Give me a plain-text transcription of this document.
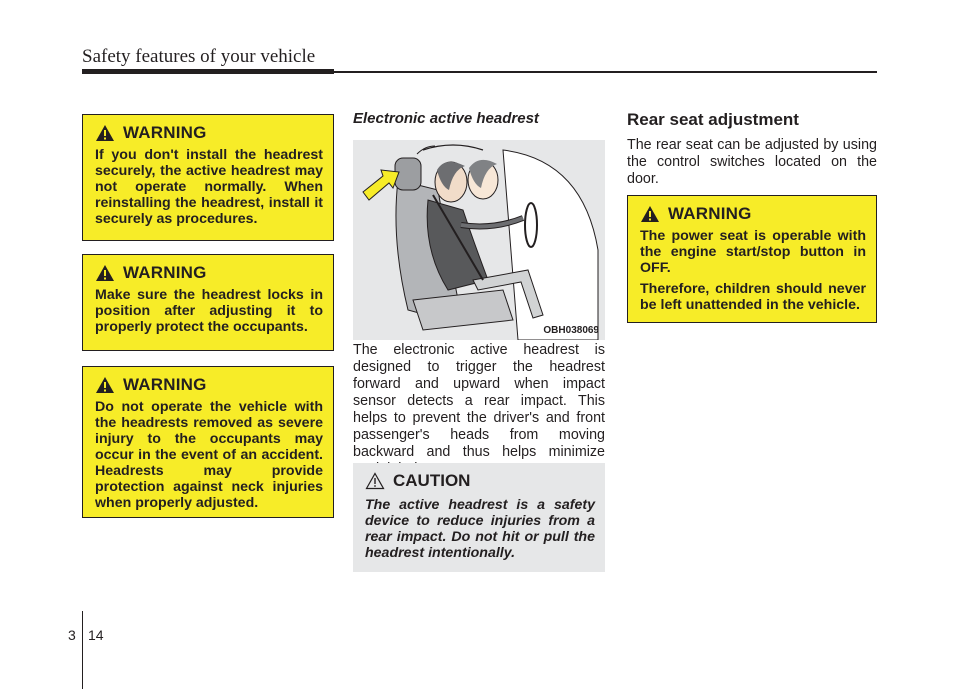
Safety features of your vehicle
WARNING

If you don't install the headrest securely, the active headrest may not operate normally. When reinstalling the headrest, install it securely as procedures.

WARNING

Make sure the headrest locks in position after adjusting it to properly protect the occupants.

WARNING

Do not operate the vehicle with the headrests removed as severe injury to the occupants may occur in the event of an accident. Headrests may provide protection against neck injuries when properly adjusted.

Electronic active headrest
OBH038069

The electronic active headrest is designed to trigger the headrest forward and upward when impact sensor detects a rear impact. This helps to prevent the driver's and front passenger's heads from moving backward and thus helps minimize

CAUTION

The active headrest is a safety device to reduce injuries from a rear impact. Do not hit or pull the headrest intentionally.

Rear seat adjustment

The rear seat can be adjusted by using the control switches located on the door.

WARNING

The power seat is operable with the engine start/stop button in OFF.

Therefore, children should never be left unattended in the vehicle.

3 14
